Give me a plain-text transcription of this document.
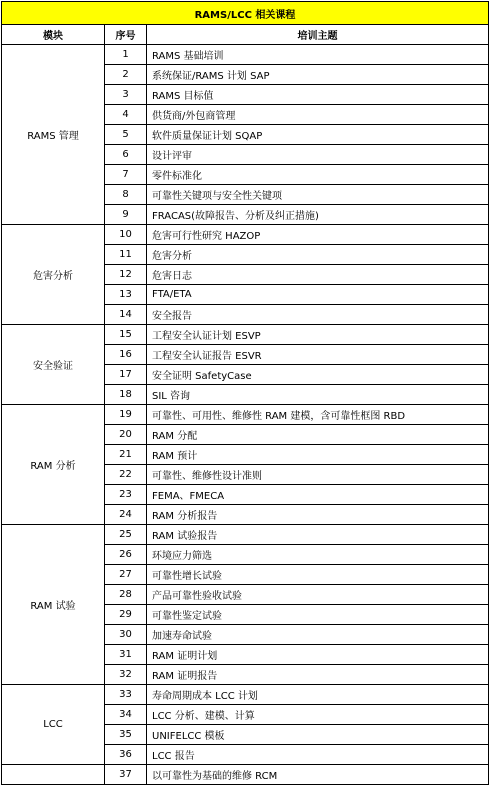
RAMS/LCC 相关课程		
模块	序号	培训主题
RAMS 管理	1	RAMS 基础培训
	2	系统保证/RAMS 计划 SAP
	3	RAMS 目标值
	4	供货商/外包商管理
	5	软件质量保证计划 SQAP
	6	设计评审
	7	零件标准化
	8	可靠性关键项与安全性关键项
	9	FRACAS(故障报告、分析及纠正措施)
危害分析	10	危害可行性研究 HAZOP
	11	危害分析
	12	危害日志
	13	FTA/ETA
	14	安全报告
安全验证	15	工程安全认证计划 ESVP
	16	工程安全认证报告 ESVR
	17	安全证明 SafetyCase
	18	SIL 咨询
RAM 分析	19	可靠性、可用性、维修性 RAM 建模，含可靠性框图 RBD
	20	RAM 分配
	21	RAM 预计
	22	可靠性、维修性设计准则
	23	FEMA、FMECA
	24	RAM 分析报告
RAM 试验	25	RAM 试验报告
	26	环境应力筛选
	27	可靠性增长试验
	28	产品可靠性验收试验
	29	可靠性鉴定试验
	30	加速寿命试验
	31	RAM 证明计划
	32	RAM 证明报告
LCC	33	寿命周期成本 LCC 计划
	34	LCC 分析、建模、计算
	35	UNIFELCC 模板
	36	LCC 报告
	37	以可靠性为基础的维修 RCM
